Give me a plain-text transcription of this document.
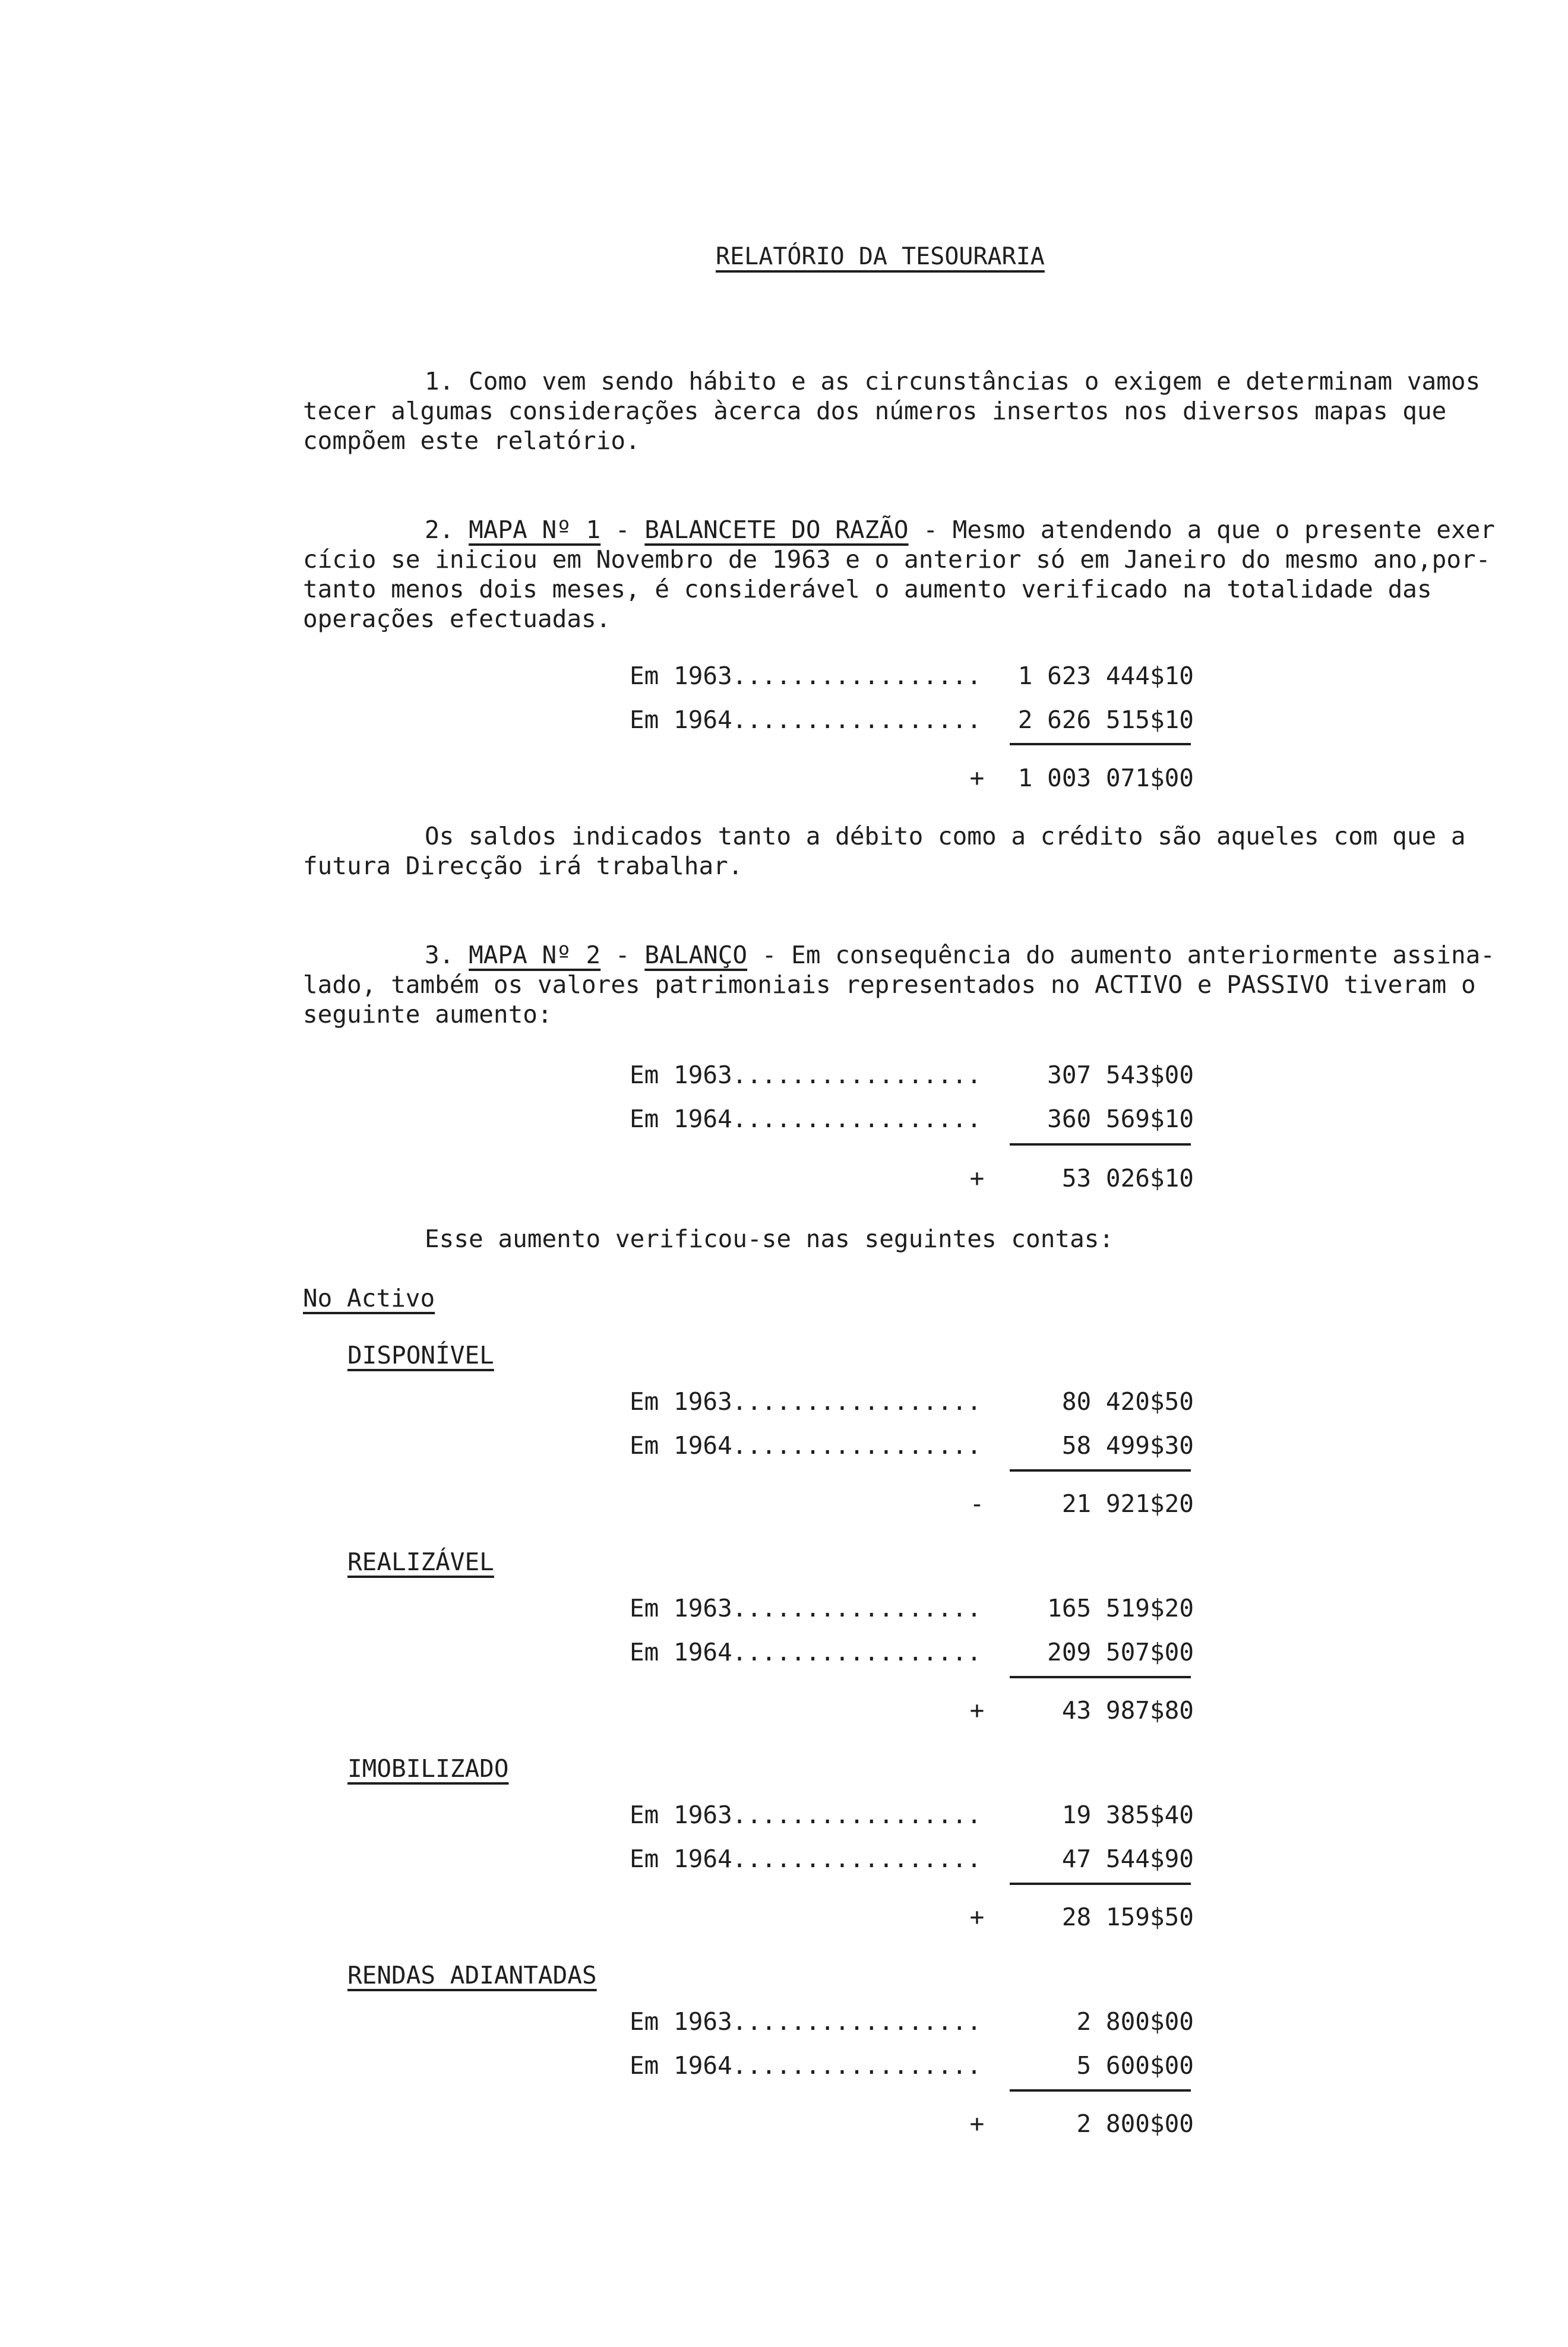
RELATÓRIO DA TESOURARIA
1. Como vem sendo hábito e as circunstâncias o exigem e determinam vamos
tecer algumas considerações àcerca dos números insertos nos diversos mapas que
compõem este relatório.
2. MAPA Nº 1 - BALANCETE DO RAZÃO - Mesmo atendendo a que o presente exer
cício se iniciou em Novembro de 1963 e o anterior só em Janeiro do mesmo ano,por-
tanto menos dois meses, é considerável o aumento verificado na totalidade das
operações efectuadas.
Em 1963.................	1 623 444$10
Em 1964.................	2 626 515$10
+	1 003 071$00
Os saldos indicados tanto a débito como a crédito são aqueles com que a
futura Direcção irá trabalhar.
3. MAPA Nº 2 - BALANÇO - Em consequência do aumento anteriormente assina-
lado, também os valores patrimoniais representados no ACTIVO e PASSIVO tiveram o
seguinte aumento:
Em 1963.................	307 543$00
Em 1964.................	360 569$10
+	53 026$10
Esse aumento verificou-se nas seguintes contas:
No Activo
DISPONÍVEL
Em 1963.................	80 420$50
Em 1964.................	58 499$30
-	21 921$20
REALIZÁVEL
Em 1963.................	165 519$20
Em 1964.................	209 507$00
+	43 987$80
IMOBILIZADO
Em 1963.................	19 385$40
Em 1964.................	47 544$90
+	28 159$50
RENDAS ADIANTADAS
Em 1963.................	2 800$00
Em 1964.................	5 600$00
+	2 800$00
